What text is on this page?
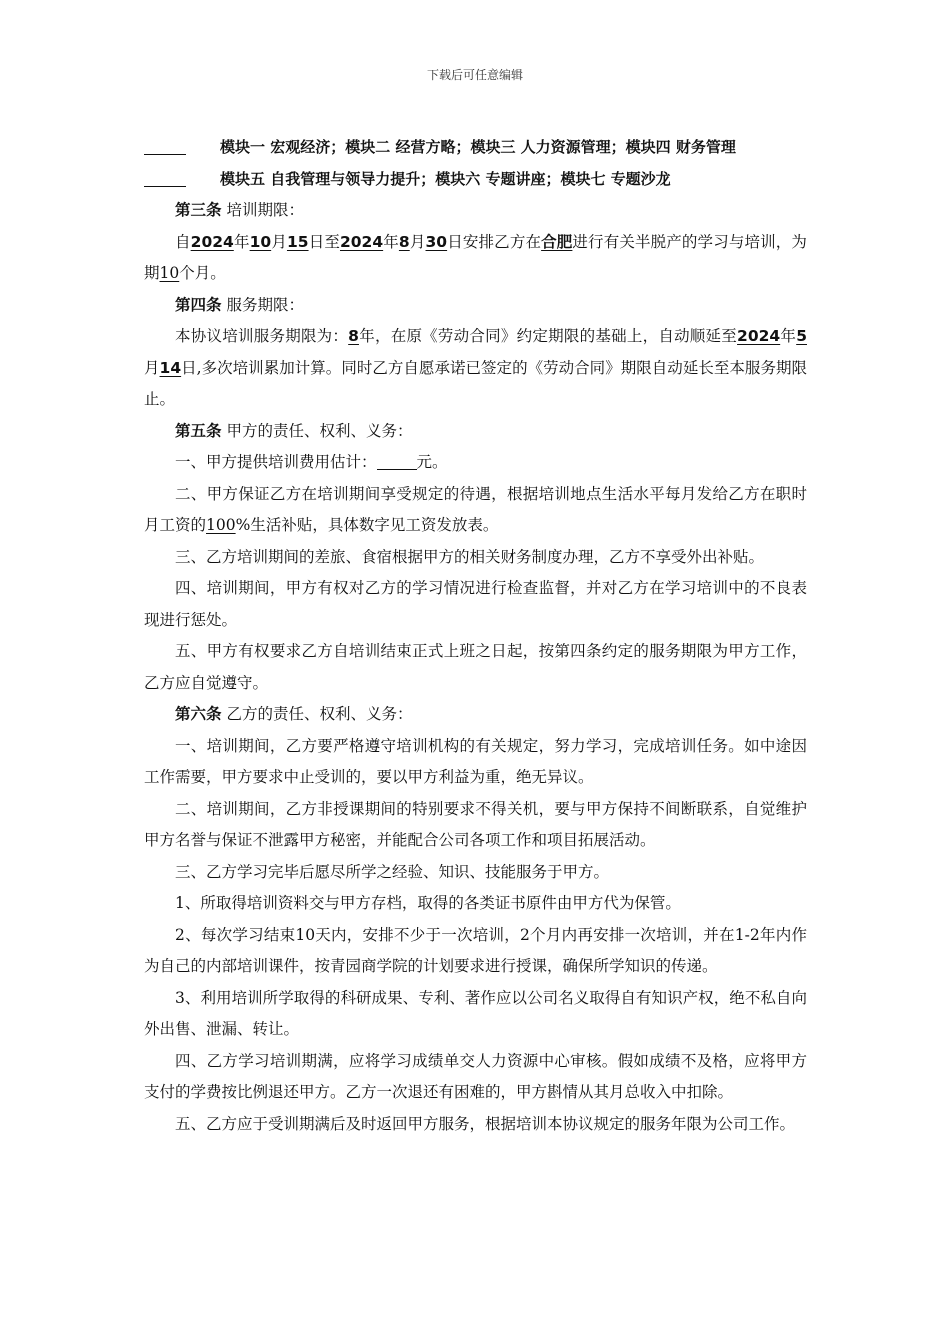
下载后可任意编辑
模块一 宏观经济；模块二 经营方略；模块三 人力资源管理；模块四 财务管理
模块五 自我管理与领导力提升；模块六 专题讲座；模块七 专题沙龙

第三条 培训期限：

自2024年10月15日至2024年8月30日安排乙方在合肥进行有关半脱产的学习与培训，为期10个月。

第四条 服务期限：

本协议培训服务期限为：8年，在原《劳动合同》约定期限的基础上，自动顺延至2024年5月14日,多次培训累加计算。同时乙方自愿承诺已签定的《劳动合同》期限自动延长至本服务期限止。

第五条 甲方的责任、权利、义务：

一、甲方提供培训费用估计：	元。

二、甲方保证乙方在培训期间享受规定的待遇，根据培训地点生活水平每月发给乙方在职时月工资的100%生活补贴，具体数字见工资发放表。

三、乙方培训期间的差旅、食宿根据甲方的相关财务制度办理，乙方不享受外出补贴。

四、培训期间，甲方有权对乙方的学习情况进行检查监督，并对乙方在学习培训中的不良表现进行惩处。

五、甲方有权要求乙方自培训结束正式上班之日起，按第四条约定的服务期限为甲方工作，乙方应自觉遵守。

第六条 乙方的责任、权利、义务：

一、培训期间，乙方要严格遵守培训机构的有关规定，努力学习，完成培训任务。如中途因工作需要，甲方要求中止受训的，要以甲方利益为重，绝无异议。

二、培训期间，乙方非授课期间的特别要求不得关机，要与甲方保持不间断联系，自觉维护甲方名誉与保证不泄露甲方秘密，并能配合公司各项工作和项目拓展活动。

三、乙方学习完毕后愿尽所学之经验、知识、技能服务于甲方。

1、所取得培训资料交与甲方存档，取得的各类证书原件由甲方代为保管。

2、每次学习结束10天内，安排不少于一次培训，2个月内再安排一次培训，并在1-2年内作为自己的内部培训课件，按青园商学院的计划要求进行授课，确保所学知识的传递。

3、利用培训所学取得的科研成果、专利、著作应以公司名义取得自有知识产权，绝不私自向外出售、泄漏、转让。

四、乙方学习培训期满，应将学习成绩单交人力资源中心审核。假如成绩不及格，应将甲方支付的学费按比例退还甲方。乙方一次退还有困难的，甲方斟情从其月总收入中扣除。

五、乙方应于受训期满后及时返回甲方服务，根据培训本协议规定的服务年限为公司工作。
